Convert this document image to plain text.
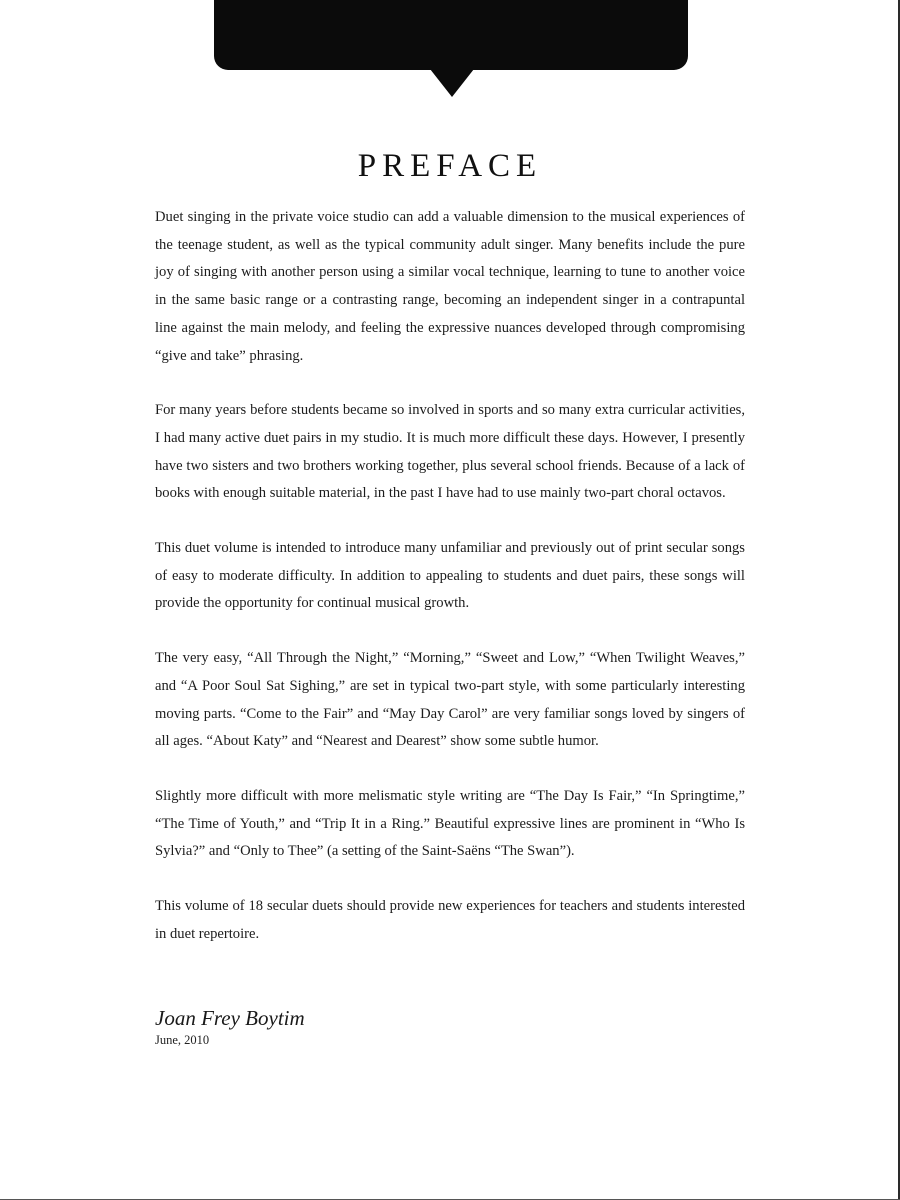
PREFACE

Duet singing in the private voice studio can add a valuable dimension to the musical experiences of the teenage student, as well as the typical community adult singer. Many benefits include the pure joy of singing with another person using a similar vocal technique, learning to tune to another voice in the same basic range or a contrasting range, becoming an independent singer in a contrapuntal line against the main melody, and feeling the expressive nuances developed through compromising “give and take” phrasing.

For many years before students became so involved in sports and so many extra curricular activities, I had many active duet pairs in my studio. It is much more difficult these days. However, I presently have two sisters and two brothers working together, plus several school friends. Because of a lack of books with enough suitable material, in the past I have had to use mainly two-part choral octavos.

This duet volume is intended to introduce many unfamiliar and previously out of print secular songs of easy to moderate difficulty. In addition to appealing to students and duet pairs, these songs will provide the opportunity for continual musical growth.

The very easy, “All Through the Night,” “Morning,” “Sweet and Low,” “When Twilight Weaves,” and “A Poor Soul Sat Sighing,” are set in typical two-part style, with some particularly interesting moving parts. “Come to the Fair” and “May Day Carol” are very familiar songs loved by singers of all ages. “About Katy” and “Nearest and Dearest” show some subtle humor.

Slightly more difficult with more melismatic style writing are “The Day Is Fair,” “In Springtime,” “The Time of Youth,” and “Trip It in a Ring.” Beautiful expressive lines are prominent in “Who Is Sylvia?” and “Only to Thee” (a setting of the Saint-Saëns “The Swan”).

This volume of 18 secular duets should provide new experiences for teachers and students interested in duet repertoire.

Joan Frey Boytim
June, 2010
